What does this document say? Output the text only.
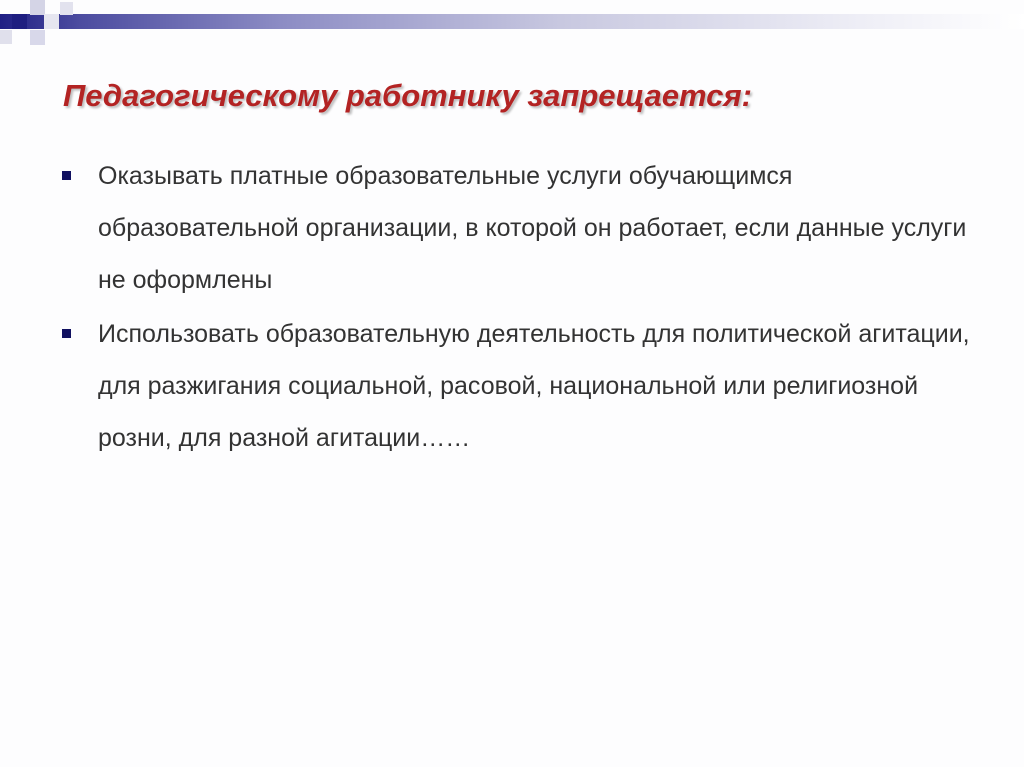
Педагогическому работнику запрещается:
Оказывать платные образовательные услуги обучающимся образовательной организации, в которой он работает, если данные услуги не оформлены
Использовать образовательную деятельность для политической агитации, для разжигания социальной, расовой, национальной или религиозной розни, для разной агитации……
